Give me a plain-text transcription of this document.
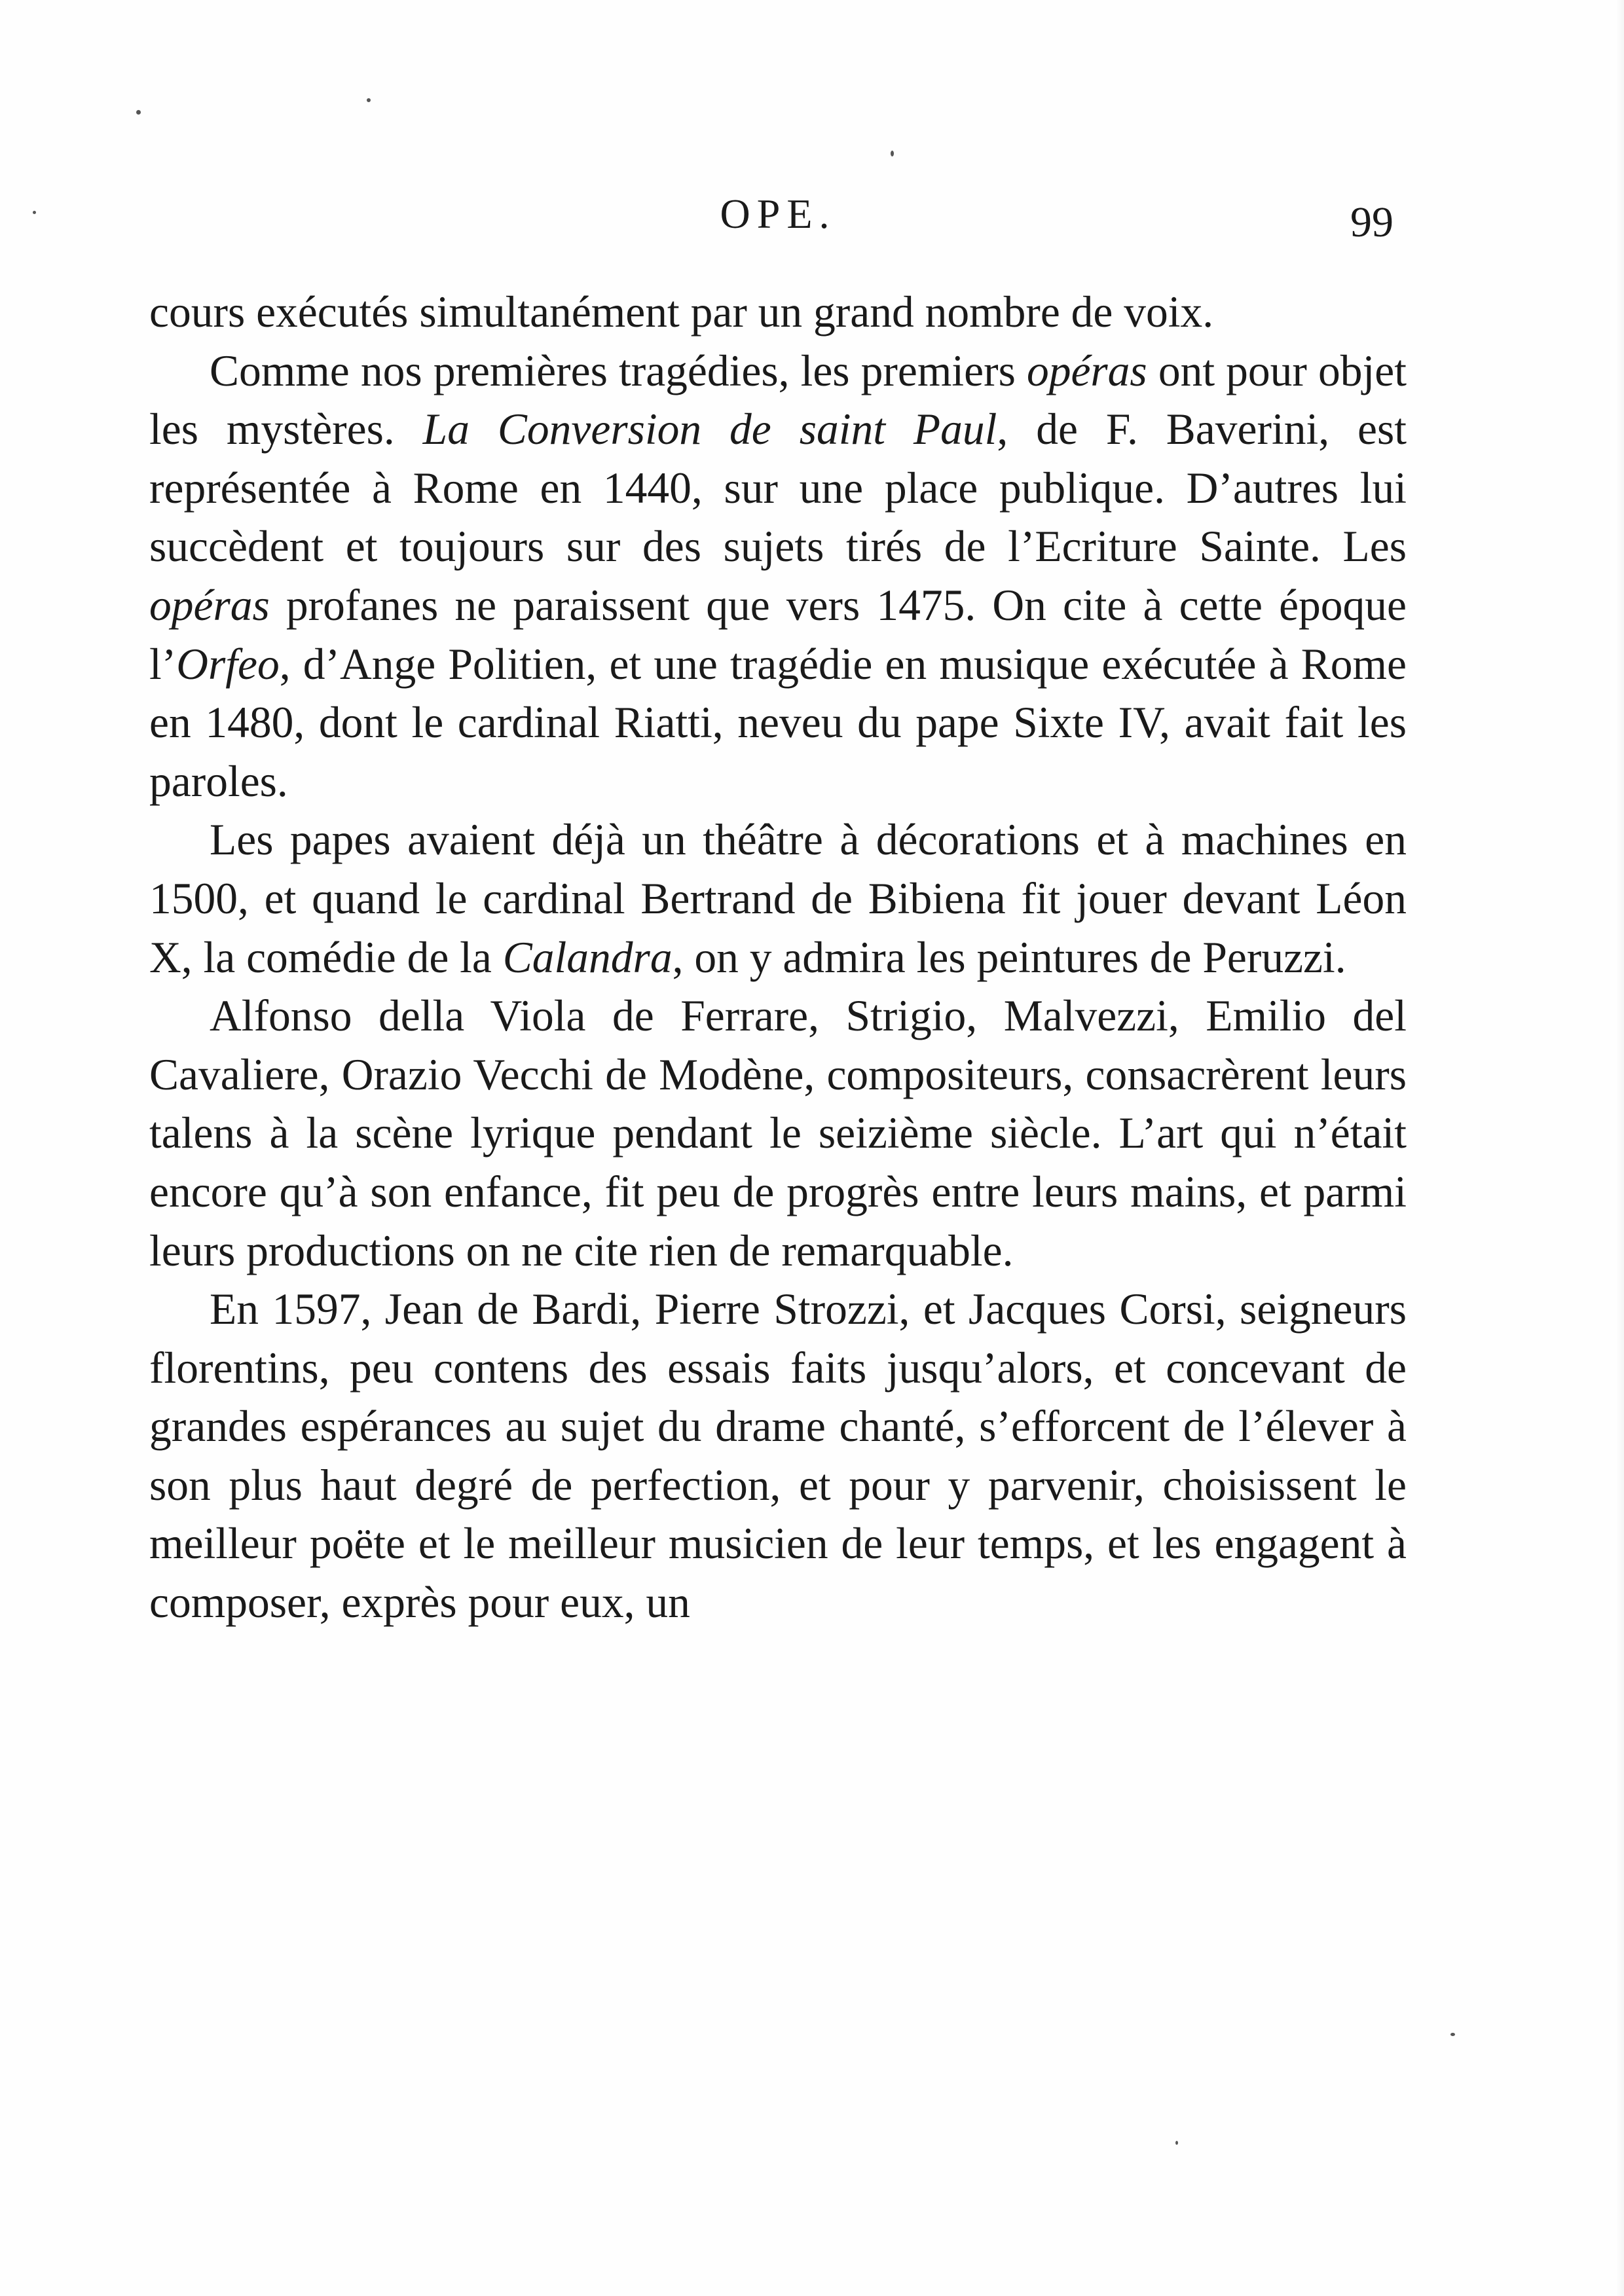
OPE.	99

cours exécutés simultanément par un grand nombre de voix.

Comme nos premières tragédies, les premiers opéras ont pour objet les mystères. La Conversion de saint Paul, de F. Baverini, est représentée à Rome en 1440, sur une place publique. D’autres lui succèdent et toujours sur des sujets tirés de l’Ecriture Sainte. Les opéras profanes ne paraissent que vers 1475. On cite à cette époque l’Orfeo, d’Ange Politien, et une tragédie en musique exécutée à Rome en 1480, dont le cardinal Riatti, neveu du pape Sixte IV, avait fait les paroles.

Les papes avaient déjà un théâtre à décorations et à machines en 1500, et quand le cardinal Bertrand de Bibiena fit jouer devant Léon X, la comédie de la Calandra, on y admira les peintures de Peruzzi.

Alfonso della Viola de Ferrare, Strigio, Malvezzi, Emilio del Cavaliere, Orazio Vecchi de Modène, compositeurs, consacrèrent leurs talens à la scène lyrique pendant le seizième siècle. L’art qui n’était encore qu’à son enfance, fit peu de progrès entre leurs mains, et parmi leurs productions on ne cite rien de remarquable.

En 1597, Jean de Bardi, Pierre Strozzi, et Jacques Corsi, seigneurs florentins, peu contens des essais faits jusqu’alors, et concevant de grandes espérances au sujet du drame chanté, s’efforcent de l’élever à son plus haut degré de perfection, et pour y parvenir, choisissent le meilleur poëte et le meilleur musicien de leur temps, et les engagent à composer, exprès pour eux, un
